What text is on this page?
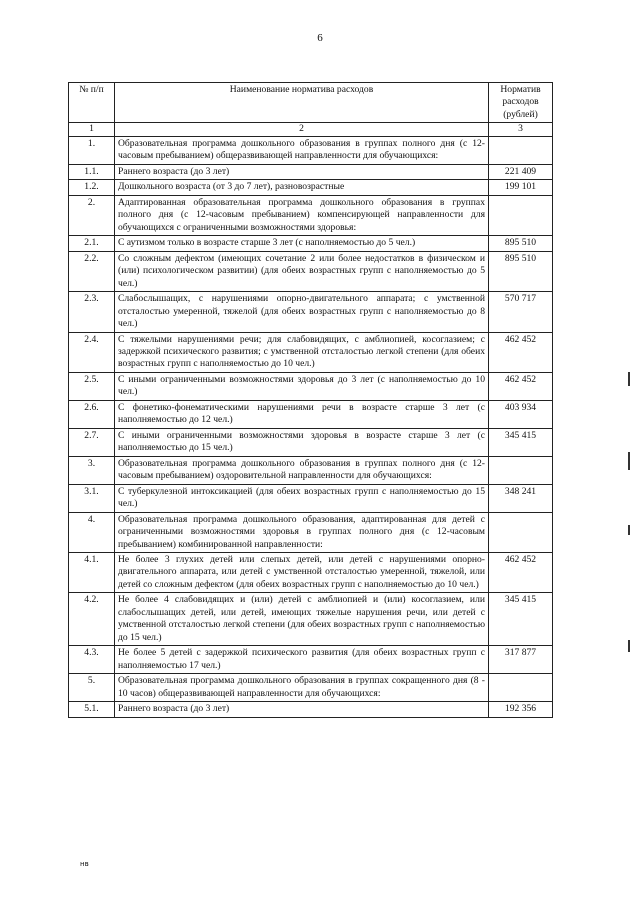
6
№ п/п	Наименование норматива расходов	Норматив расходов (рублей)
1	2	3
1.	Образовательная программа дошкольного образования в группах полного дня (с 12-часовым пребыванием) общеразвивающей направленности для обучающихся:	
1.1.	Раннего возраста (до 3 лет)	221 409
1.2.	Дошкольного возраста (от 3 до 7 лет), разновозрастные	199 101
2.	Адаптированная образовательная программа дошкольного образования в группах полного дня (с 12-часовым пребыванием) компенсирующей направленности для обучающихся с ограниченными возможностями здоровья:	
2.1.	С аутизмом только в возрасте старше 3 лет (с наполняемостью до 5 чел.)	895 510
2.2.	Со сложным дефектом (имеющих сочетание 2 или более недостатков в физическом и (или) психологическом развитии) (для обеих возрастных групп с наполняемостью до 5 чел.)	895 510
2.3.	Слабослышащих, с нарушениями опорно-двигательного аппарата; с умственной отсталостью умеренной, тяжелой (для обеих возрастных групп с наполняемостью до 8 чел.)	570 717
2.4.	С тяжелыми нарушениями речи; для слабовидящих, с амблиопией, косоглазием; с задержкой психического развития; с умственной отсталостью легкой степени (для обеих возрастных групп с наполняемостью до 10 чел.)	462 452
2.5.	С иными ограниченными возможностями здоровья до 3 лет (с наполняемостью до 10 чел.)	462 452
2.6.	С фонетико-фонематическими нарушениями речи в возрасте старше 3 лет (с наполняемостью до 12 чел.)	403 934
2.7.	С иными ограниченными возможностями здоровья в возрасте старше 3 лет (с наполняемостью до 15 чел.)	345 415
3.	Образовательная программа дошкольного образования в группах полного дня (с 12-часовым пребыванием) оздоровительной направленности для обучающихся:	
3.1.	С туберкулезной интоксикацией (для обеих возрастных групп с наполняемостью до 15 чел.)	348 241
4.	Образовательная программа дошкольного образования, адаптированная для детей с ограниченными возможностями здоровья в группах полного дня (с 12-часовым пребыванием) комбинированной направленности:	
4.1.	Не более 3 глухих детей или слепых детей, или детей с нарушениями опорно-двигательного аппарата, или детей с умственной отсталостью умеренной, тяжелой, или детей со сложным дефектом (для обеих возрастных групп с наполняемостью до 10 чел.)	462 452
4.2.	Не более 4 слабовидящих и (или) детей с амблиопией и (или) косоглазием, или слабослышащих детей, или детей, имеющих тяжелые нарушения речи, или детей с умственной отсталостью легкой степени (для обеих возрастных групп с наполняемостью до 15 чел.)	345 415
4.3.	Не более 5 детей с задержкой психического развития (для обеих возрастных групп с наполняемостью 17 чел.)	317 877
5.	Образовательная программа дошкольного образования в группах сокращенного дня (8 - 10 часов) общеразвивающей направленности для обучающихся:	
5.1.	Раннего возраста (до 3 лет)	192 356
нв
